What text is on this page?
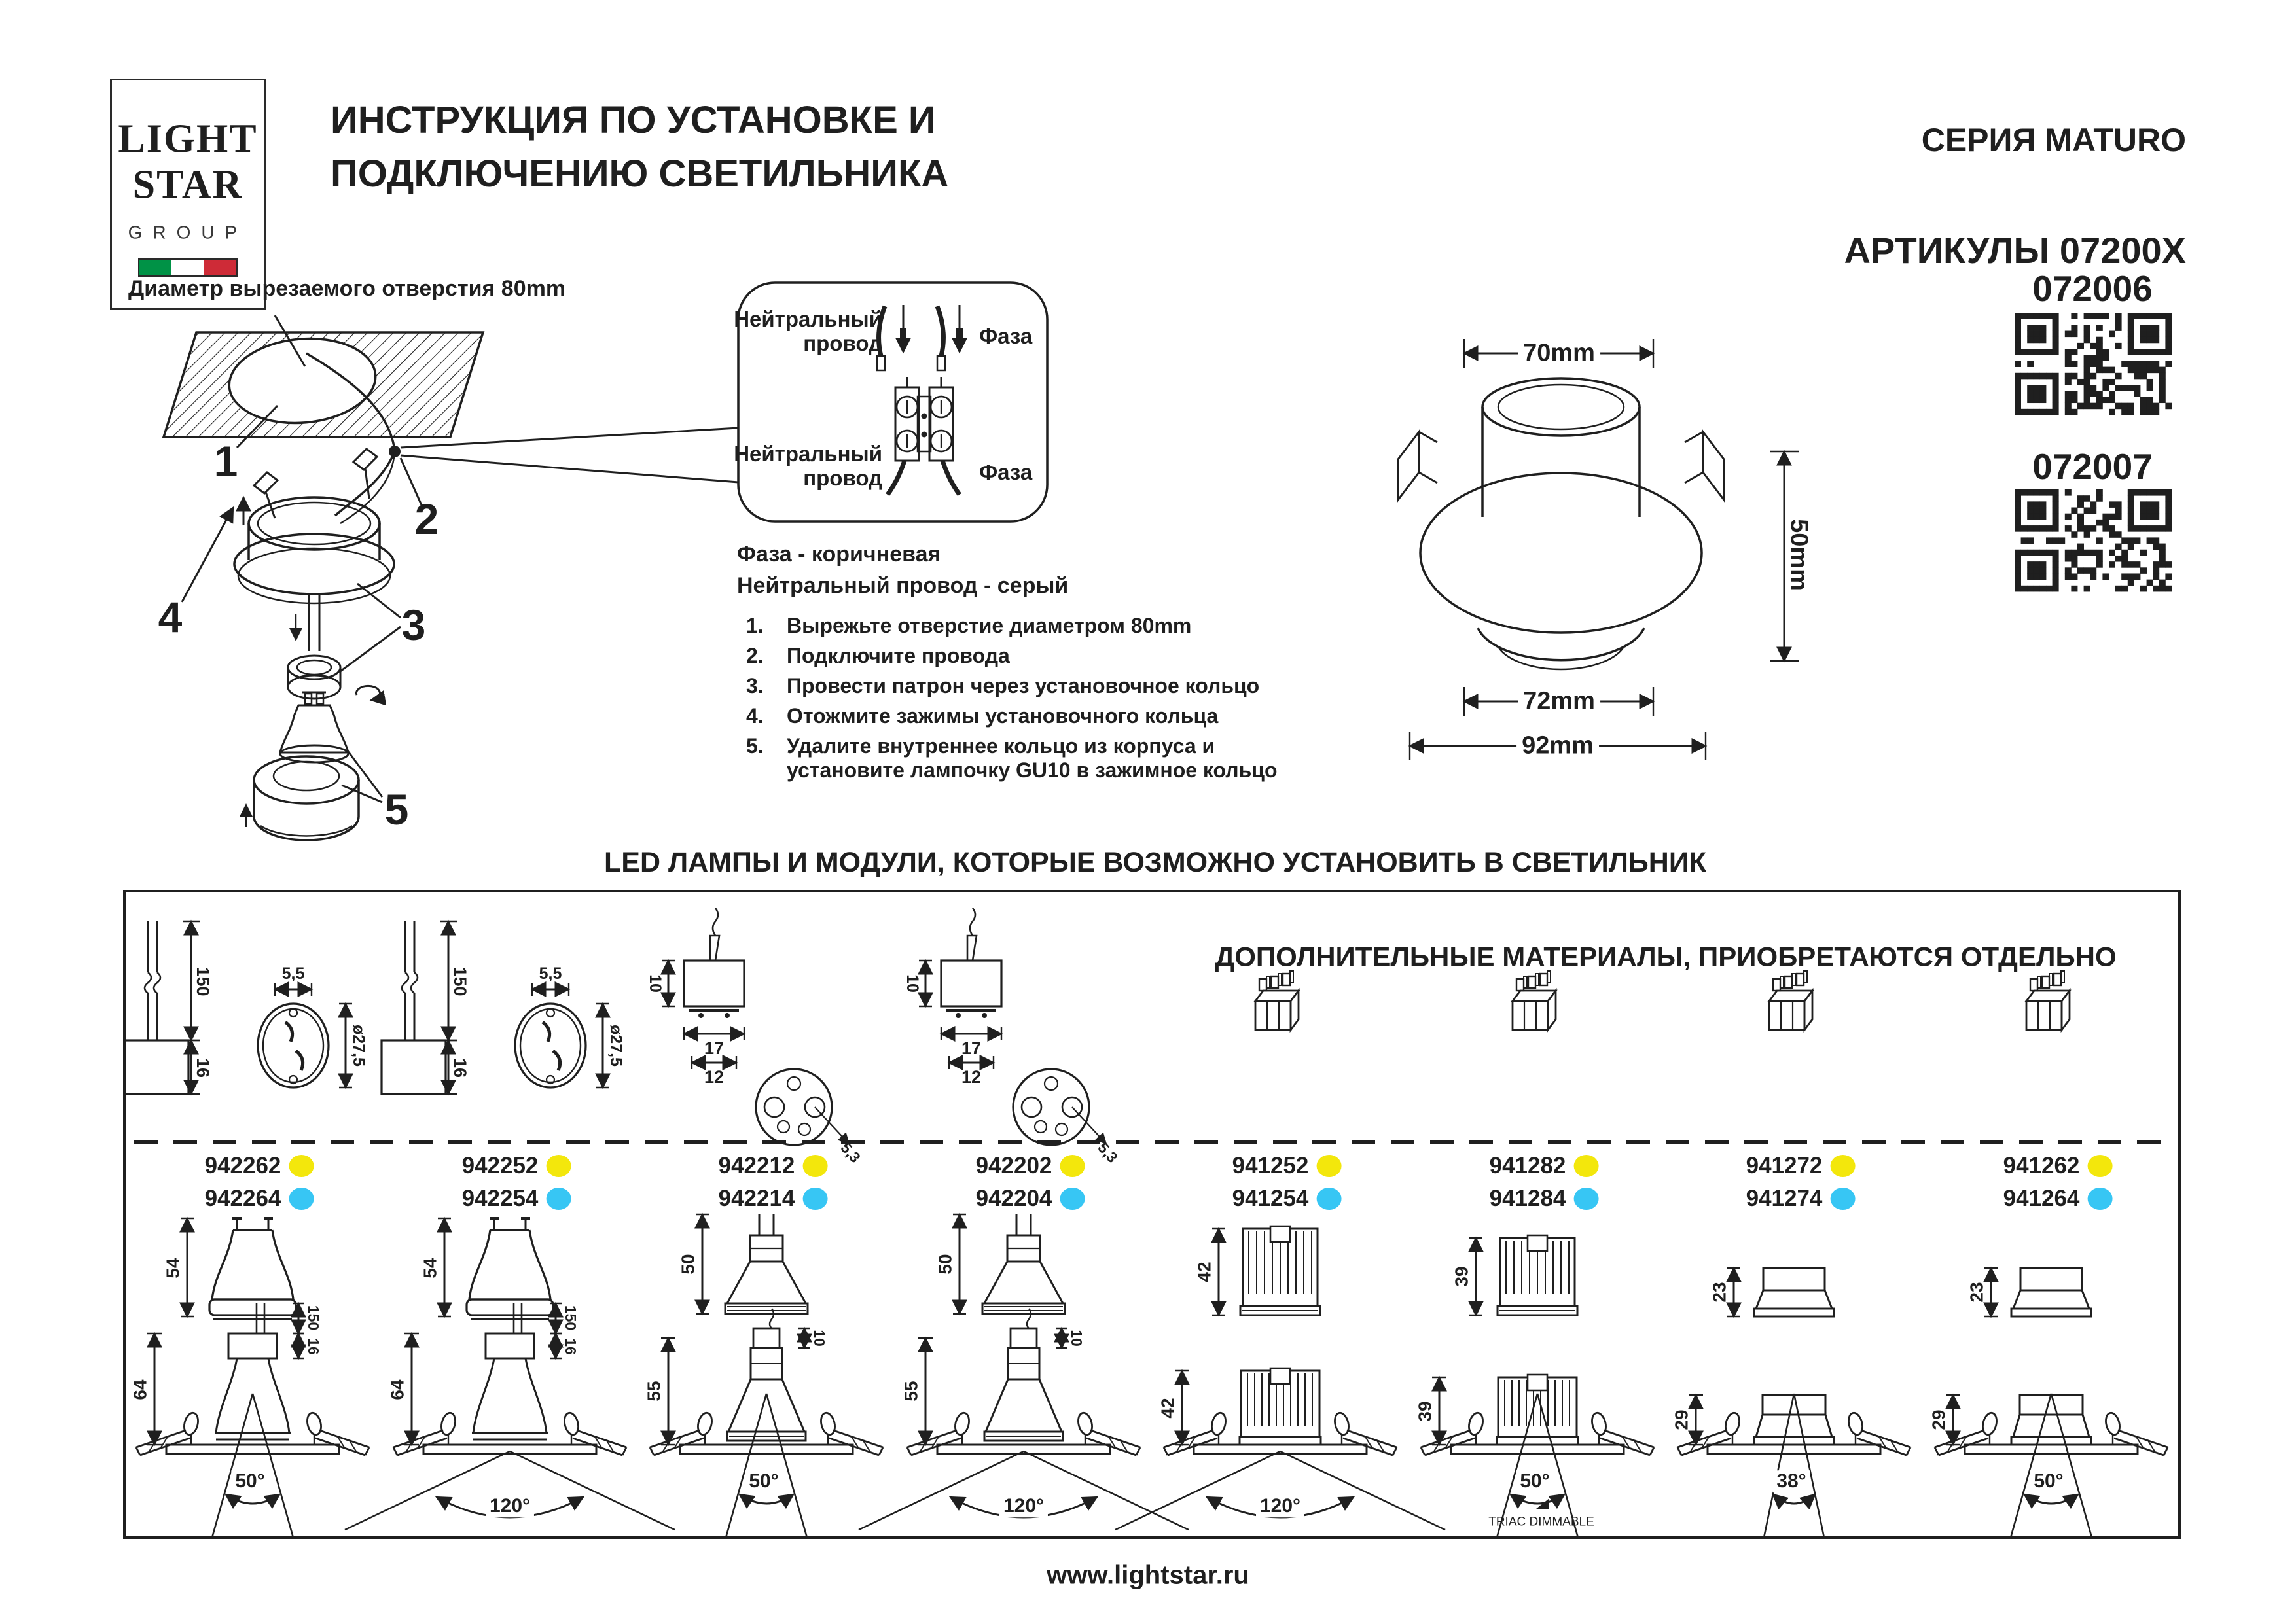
LIGHT
STAR
GROUP
ИНСТРУКЦИЯ ПО УСТАНОВКЕ И
ПОДКЛЮЧЕНИЮ СВЕТИЛЬНИКА
СЕРИЯ MATURO
АРТИКУЛЫ 07200X
072006
072007
Диаметр вырезаемого отверстия 80mm
1
2
3
4
5
Нейтральный провод	Фаза
Нейтральный провод	Фаза
Фаза - коричневая
Нейтральный провод - серый
70mm
50mm
72mm
92mm
LED ЛАМПЫ И МОДУЛИ, КОТОРЫЕ ВОЗМОЖНО УСТАНОВИТЬ В СВЕТИЛЬНИК
ДОПОЛНИТЕЛЬНЫЕ МАТЕРИАЛЫ, ПРИОБРЕТАЮТСЯ ОТДЕЛЬНО
www.lightstar.ru
150
16
5,5
ø27,5
54
150
16
64
50°
150
16
5,5
ø27,5
54
150
16
64
120°
10
17
12
5,3
50
10
55
50°
10
17
12
5,3
50
10
55
120°
42
42
120°
39
39
50°
TRIAC DIMMABLE
23
29
38°
23
29
50°
1.	Вырежьте отверстие диаметром 80mm
2.	Подключите провода
3.	Провести патрон через установочное кольцо
4.	Отожмите зажимы установочного кольца
5.	Удалите внутреннее кольцо из корпуса и установите лампочку GU10 в зажимное кольцо
942262
942264
942252
942254
942212
942214
942202
942204
941252
941254
941282
941284
941272
941274
941262
941264
